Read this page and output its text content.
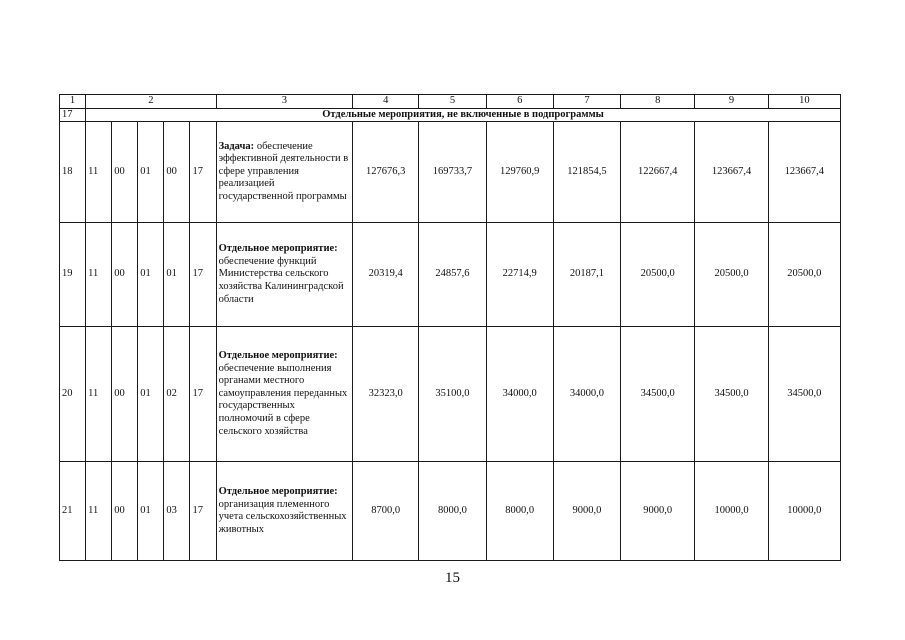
1	2					3	4	5	6	7	8	9	10
17	Отдельные мероприятия, не включенные в подпрограммы												
18	11	00	01	00	17	Задача: обеспечение эффективной деятельности в сфере управления реализацией государственной программы	127676,3	169733,7	129760,9	121854,5	122667,4	123667,4	123667,4
19	11	00	01	01	17	Отдельное мероприятие: обеспечение функций Министерства сельского хозяйства Калининградской области	20319,4	24857,6	22714,9	20187,1	20500,0	20500,0	20500,0
20	11	00	01	02	17	Отдельное мероприятие: обеспечение выполнения органами местного самоуправления переданных государственных полномочий в сфере сельского хозяйства	32323,0	35100,0	34000,0	34000,0	34500,0	34500,0	34500,0
21	11	00	01	03	17	Отдельное мероприятие: организация племенного учета сельскохозяйственных животных	8700,0	8000,0	8000,0	9000,0	9000,0	10000,0	10000,0
15
